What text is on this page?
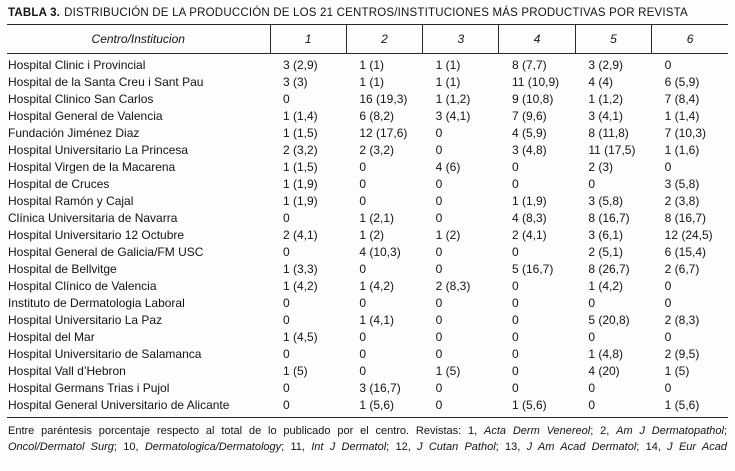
TABLA 3. DISTRIBUCIÓN DE LA PRODUCCIÓN DE LOS 21 CENTROS/INSTITUCIONES MÁS PRODUCTIVAS POR REVISTA
Centro/Institucion	1	2	3	4	5	6
Hospital Clinic i Provincial	3 (2,9)	1 (1)	1 (1)	8 (7,7)	3 (2,9)	0
Hospital de la Santa Creu i Sant Pau	3 (3)	1 (1)	1 (1)	11 (10,9)	4 (4)	6 (5,9)
Hospital Clinico San Carlos	0	16 (19,3)	1 (1,2)	9 (10,8)	1 (1,2)	7 (8,4)
Hospital General de Valencia	1 (1,4)	6 (8,2)	3 (4,1)	7 (9,6)	3 (4,1)	1 (1,4)
Fundación Jiménez Diaz	1 (1,5)	12 (17,6)	0	4 (5,9)	8 (11,8)	7 (10,3)
Hospital Universitario La Princesa	2 (3,2)	2 (3,2)	0	3 (4,8)	11 (17,5)	1 (1,6)
Hospital Virgen de la Macarena	1 (1,5)	0	4 (6)	0	2 (3)	0
Hospital de Cruces	1 (1,9)	0	0	0	0	3 (5,8)
Hospital Ramón y Cajal	1 (1,9)	0	0	1 (1,9)	3 (5,8)	2 (3,8)
Clínica Universitaria de Navarra	0	1 (2,1)	0	4 (8,3)	8 (16,7)	8 (16,7)
Hospital Universitario 12 Octubre	2 (4,1)	1 (2)	1 (2)	2 (4,1)	3 (6,1)	12 (24,5)
Hospital General de Galicia/FM USC	0	4 (10,3)	0	0	2 (5,1)	6 (15,4)
Hospital de Bellvitge	1 (3,3)	0	0	5 (16,7)	8 (26,7)	2 (6,7)
Hospital Clínico de Valencia	1 (4,2)	1 (4,2)	2 (8,3)	0	1 (4,2)	0
Instituto de Dermatologia Laboral	0	0	0	0	0	0
Hospital Universitario La Paz	0	1 (4,1)	0	0	5 (20,8)	2 (8,3)
Hospital del Mar	1 (4,5)	0	0	0	0	0
Hospital Universitario de Salamanca	0	0	0	0	1 (4,8)	2 (9,5)
Hospital Vall d’Hebron	1 (5)	0	1 (5)	0	4 (20)	1 (5)
Hospital Germans Trias i Pujol	0	3 (16,7)	0	0	0	0
Hospital General Universitario de Alicante	0	1 (5,6)	0	1 (5,6)	0	1 (5,6)
Entre paréntesis porcentaje respecto al total de lo publicado por el centro. Revistas: 1, Acta Derm Venereol; 2, Am J Dermatopathol;
Oncol/Dermatol Surg; 10, Dermatologica/Dermatology; 11, Int J Dermatol; 12, J Cutan Pathol; 13, J Am Acad Dermatol; 14, J Eur Acad
